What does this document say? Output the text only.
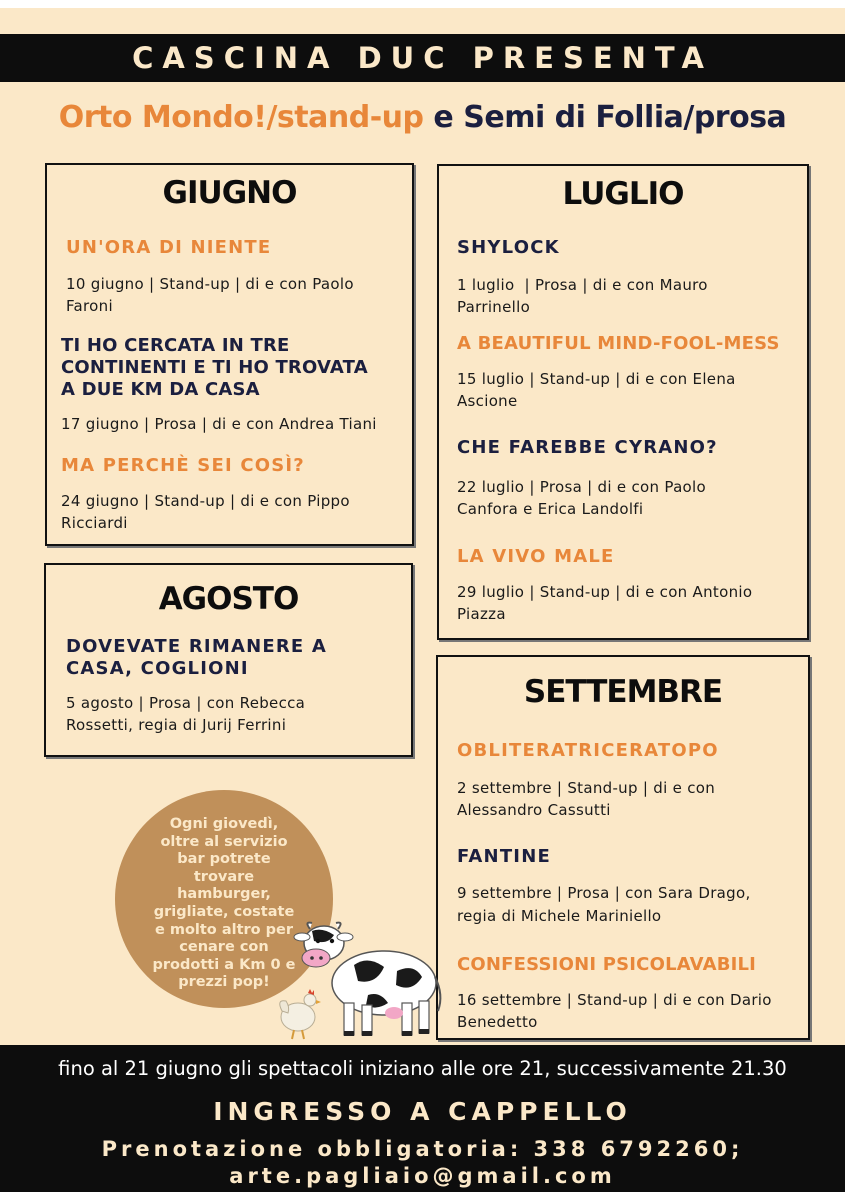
CASCINA DUC PRESENTA
Orto Mondo!/stand-up e Semi di Follia/prosa
GIUGNO
UN'ORA DI NIENTE
10 giugno | Stand-up | di e con Paolo
Faroni
TI HO CERCATA IN TRE
CONTINENTI E TI HO TROVATA
A DUE KM DA CASA
17 giugno | Prosa | di e con Andrea Tiani
MA PERCHÈ SEI COSÌ?
24 giugno | Stand-up | di e con Pippo
Ricciardi
AGOSTO
DOVEVATE RIMANERE A
CASA, COGLIONI
5 agosto | Prosa | con Rebecca
Rossetti, regia di Jurij Ferrini
LUGLIO
SHYLOCK
1 luglio  | Prosa | di e con Mauro
Parrinello
A BEAUTIFUL MIND-FOOL-MESS
15 luglio | Stand-up | di e con Elena
Ascione
CHE FAREBBE CYRANO?
22 luglio | Prosa | di e con Paolo
Canfora e Erica Landolfi
LA VIVO MALE
29 luglio | Stand-up | di e con Antonio
Piazza
SETTEMBRE
OBLITERATRICERATOPO
2 settembre | Stand-up | di e con
Alessandro Cassutti
FANTINE
9 settembre | Prosa | con Sara Drago,
regia di Michele Mariniello
CONFESSIONI PSICOLAVABILI
16 settembre | Stand-up | di e con Dario
Benedetto
Ogni giovedì,
oltre al servizio
bar potrete
trovare
hamburger,
grigliate, costate
e molto altro per
cenare con
prodotti a Km 0 e
prezzi pop!
fino al 21 giugno gli spettacoli iniziano alle ore 21, successivamente 21.30
INGRESSO A CAPPELLO
Prenotazione obbligatoria: 338 6792260;
arte.pagliaio@gmail.com
